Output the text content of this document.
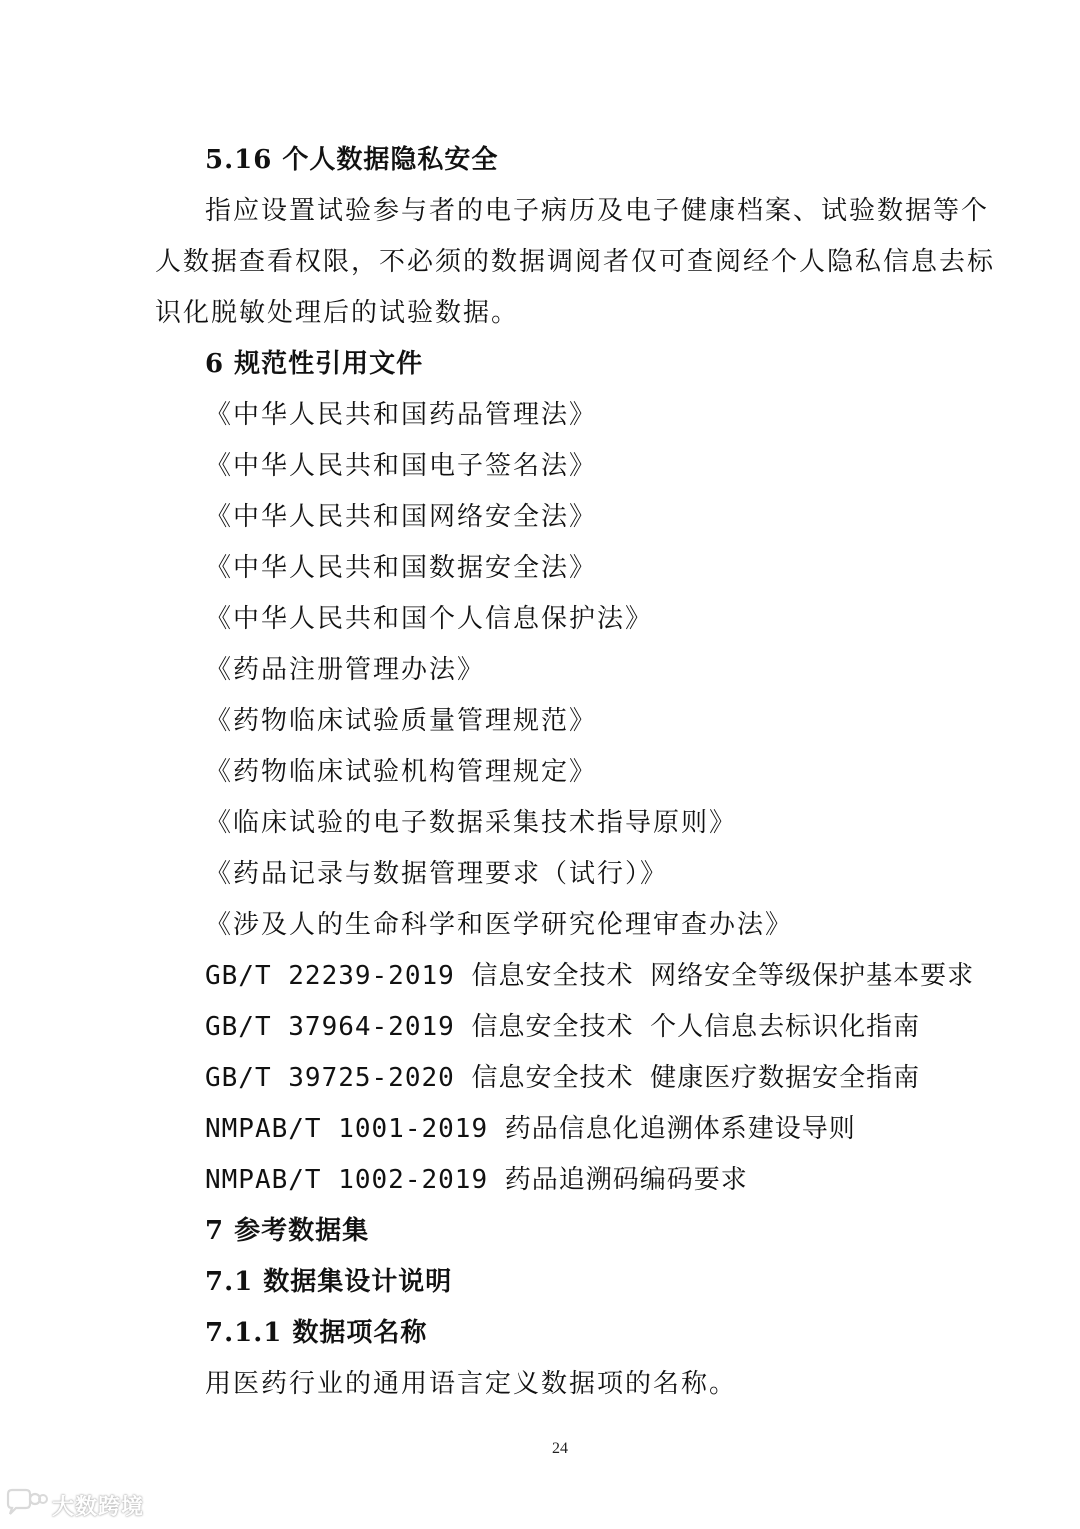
5.16 个人数据隐私安全
指应设置试验参与者的电子病历及电子健康档案、试验数据等个
人数据查看权限，不必须的数据调阅者仅可查阅经个人隐私信息去标
识化脱敏处理后的试验数据。
6 规范性引用文件
《中华人民共和国药品管理法》
《中华人民共和国电子签名法》
《中华人民共和国网络安全法》
《中华人民共和国数据安全法》
《中华人民共和国个人信息保护法》
《药品注册管理办法》
《药物临床试验质量管理规范》
《药物临床试验机构管理规定》
《临床试验的电子数据采集技术指导原则》
《药品记录与数据管理要求（试行）》
《涉及人的生命科学和医学研究伦理审查办法》
GB/T 22239-2019 信息安全技术 网络安全等级保护基本要求
GB/T 37964-2019 信息安全技术 个人信息去标识化指南
GB/T 39725-2020 信息安全技术 健康医疗数据安全指南
NMPAB/T 1001-2019 药品信息化追溯体系建设导则
NMPAB/T 1002-2019 药品追溯码编码要求
7 参考数据集
7.1 数据集设计说明
7.1.1 数据项名称
用医药行业的通用语言定义数据项的名称。
24
大数跨境
